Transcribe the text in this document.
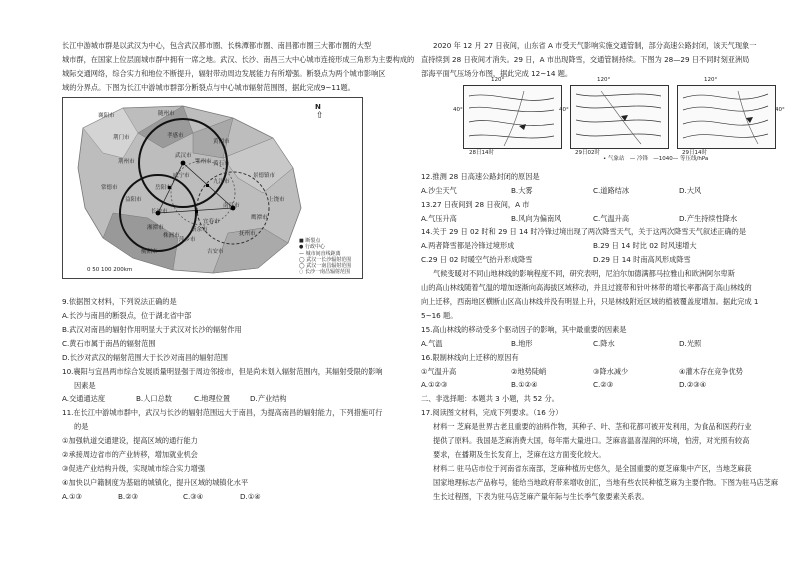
长江中游城市群是以武汉为中心，包含武汉都市圈、长株潭都市圈、南昌都市圈三大都市圈的大型
城市群，在国家上位层面城市群中拥有一席之地。武汉、长沙、南昌三大中心城市连接形成三角形为主要构成的
城际交通网络，综合实力和地位不断提升，辐射带动周边发展能力有所增强。断裂点为两个城市影响区
域的分界点。下图为长江中游城市群部分断裂点与中心城市辐射范围图，据此完成9~11题。
襄阳市
孝感市
随州市
黄冈市
荆门市
武汉市
黄石市
鄂州市
荆州市
咸宁市
九江市
景德镇市
岳阳市
南昌市
上饶市
常德市
益阳市
宜春市
鹰潭市
长沙市
新余市
抚州市
湘潭市
萍乡市
株洲市
吉安市
衡阳市
N
⇧
0 50 100 200km
■ 断裂点
● 行政中心
— 城市间直线距离
◯ 武汉一长沙辐射范围
◯ 武汉一南昌辐射范围
◌ 长沙一南昌辐射范围
9.依据图文材料，下列说法正确的是
A.长沙与南昌的断裂点，位于湖北省中部
B.武汉对南昌的辐射作用明显大于武汉对长沙的辐射作用
C.黄石市属于南昌的辐射范围
D.长沙对武汉的辐射范围大于长沙对南昌的辐射范围
10.襄阳与宜昌两市综合发展质量明显强于周边邻接市，但是尚未划入辐射范围内，其辐射受限的影响
因素是
A.交通通达度	B.人口总数	C.地理位置	D.产业结构
11.在长江中游城市群中，武汉与长沙的辐射范围远大于南昌，为提高南昌的辐射能力，下列措施可行
的是
①加强轨道交通建设，提高区域的通行能力
②承接周边省市的产业转移，增加就业机会
③促进产业结构升级，实现城市综合实力增强
④加快以户籍制度为基础的城镇化，提升区域的城镇化水平
A.①③	B.②③	C.③④	D.①④
2020 年 12 月 27 日夜间，山东省 A 市受天气影响实施交通管制，部分高速公路封闭，该天气现象一
直持续到 28 日夜间才消失。29 日，A 市出现降雪，交通管制持续。下图为 28—29 日不同时刻亚洲局
部海平面气压场分布图，据此完成 12~14 题。
120°	120°	120°
40°	40°	40°
28日14时	29日02时	29日14时
• 气象站 — 冷锋 —1040— 等压线/hPa
12.推测 28 日高速公路封闭的原因是
A.沙尘天气	B.大雾	C.道路结冰	D.大风
13.27 日夜间到 28 日夜间，A 市
A.气压升高	B.风向为偏南风	C.气温升高	D.产生持续性降水
14.关于 29 日 02 时和 29 日 14 时冷锋过境出现了两次降雪天气，关于这两次降雪天气叙述正确的是
A.两者降雪都是冷锋过境形成	B.29 日 14 时比 02 时风速增大
C.29 日 02 时暖空气抬升形成降雪	D.29 日 14 时南高风形成降雪
气候变暖对不同山地林线的影响程度不同，研究表明，尼泊尔加德满都马拉雅山和欧洲阿尔卑斯
山的高山林线随着气温的增加逐渐向高海拔区域移动，并且过渡带和针叶林带的增长率都高于高山林线的
向上迁移，西南地区横断山区高山林线并没有明显上升，只是林线附近区域的植被覆盖度增加。据此完成 1
5~16 题。
15.高山林线的移动受多个驱动因子的影响，其中最重要的因素是
A.气温	B.地形	C.降水	D.光照
16.限制林线向上迁移的原因有
①气温升高	②地势陡峭	③降水减少	④灌木存在竞争优势
A.①②③	B.①②④	C.②③	D.②③④
二、非选择题：本题共 3 小题，共 52 分。
17.阅读图文材料，完成下列要求。（16 分）
材料一 芝麻是世界古老且重要的油料作物，其种子、叶、茎和花都可被开发利用，为食品和医药行业
提供了原料。我国是芝麻消费大国，每年需大量进口。芝麻喜温喜湿润的环境，怕涝，对光照有较高
要求，在播期及生长发育上，芝麻在这方面变化较大。
材料二 驻马店市位于河南省东南部，芝麻种植历史悠久，是全国重要的夏芝麻集中产区，当地芝麻获
国家地理标志产品称号，能给当地政府带来增收创汇，当地有些农民种植芝麻为主要作物。下图为驻马店芝麻
生长过程图，下表为驻马店芝麻产量年际与生长季气象要素关系表。
